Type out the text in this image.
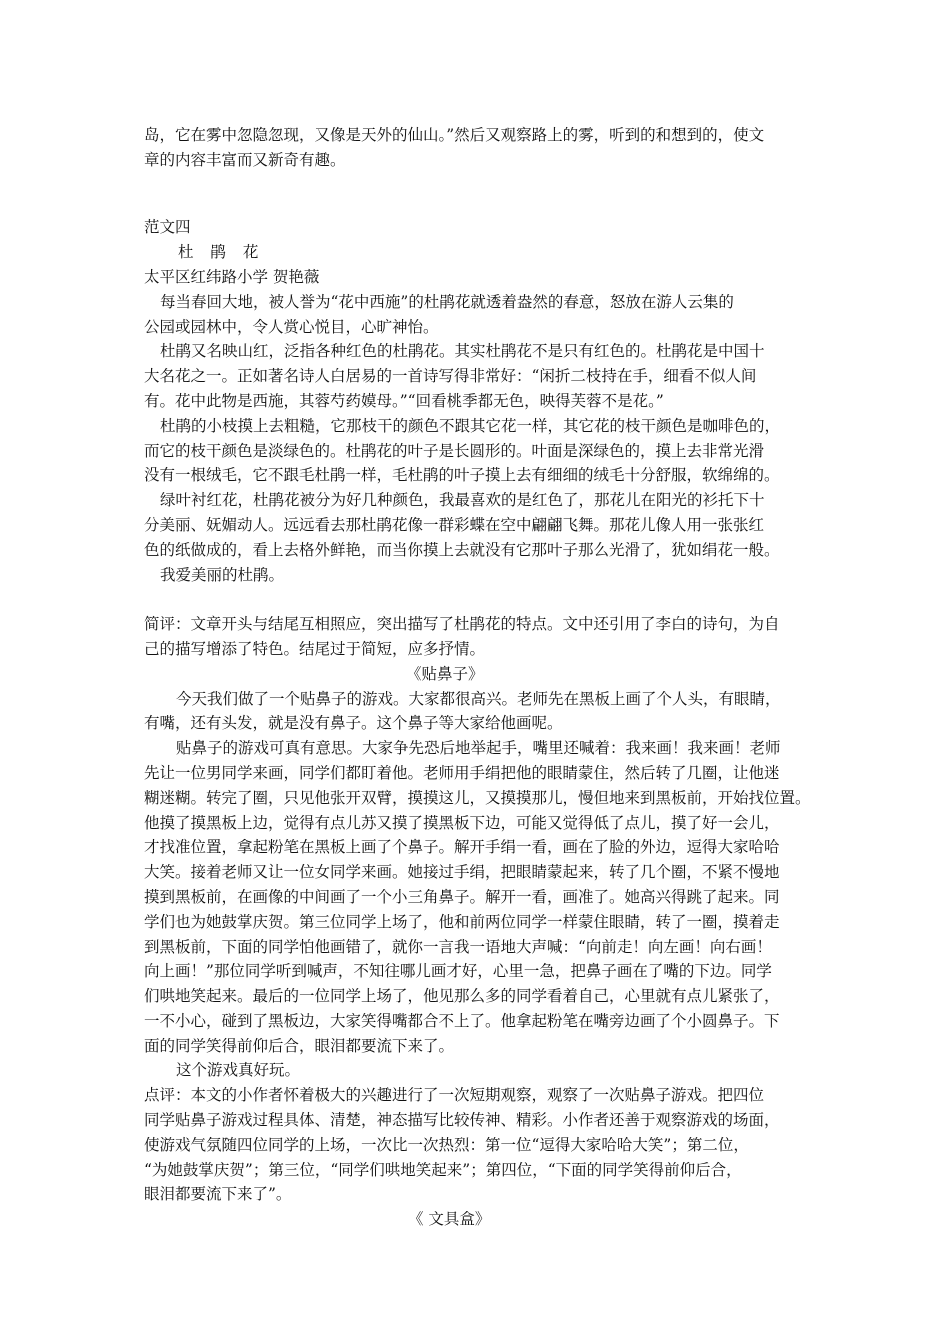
岛，它在雾中忽隐忽现，又像是天外的仙山。”然后又观察路上的雾，听到的和想到的，使文
章的内容丰富而又新奇有趣。
范文四
杜 鹃 花
太平区红纬路小学 贺艳薇
每当春回大地，被人誉为“花中西施”的杜鹃花就透着盎然的春意，怒放在游人云集的
公园或园林中，令人赏心悦目，心旷神怡。
杜鹃又名映山红，泛指各种红色的杜鹃花。其实杜鹃花不是只有红色的。杜鹃花是中国十
大名花之一。正如著名诗人白居易的一首诗写得非常好：“闲折二枝持在手，细看不似人间
有。花中此物是西施，其蓉芍药嫫母。”“回看桃季都无色，映得芙蓉不是花。”
杜鹃的小枝摸上去粗糙，它那枝干的颜色不跟其它花一样，其它花的枝干颜色是咖啡色的，
而它的枝干颜色是淡绿色的。杜鹃花的叶子是长圆形的。叶面是深绿色的，摸上去非常光滑
没有一根绒毛，它不跟毛杜鹃一样，毛杜鹃的叶子摸上去有细细的绒毛十分舒服，软绵绵的。
绿叶衬红花，杜鹃花被分为好几种颜色，我最喜欢的是红色了，那花儿在阳光的衫托下十
分美丽、妩媚动人。远远看去那杜鹃花像一群彩蝶在空中翩翩飞舞。那花儿像人用一张张红
色的纸做成的，看上去格外鲜艳，而当你摸上去就没有它那叶子那么光滑了，犹如绢花一般。
我爱美丽的杜鹃。
简评：文章开头与结尾互相照应，突出描写了杜鹃花的特点。文中还引用了李白的诗句，为自
己的描写增添了特色。结尾过于简短，应多抒情。
《贴鼻子》
今天我们做了一个贴鼻子的游戏。大家都很高兴。老师先在黑板上画了个人头，有眼睛，
有嘴，还有头发，就是没有鼻子。这个鼻子等大家给他画呢。
贴鼻子的游戏可真有意思。大家争先恐后地举起手，嘴里还喊着：我来画！我来画！老师
先让一位男同学来画，同学们都盯着他。老师用手绢把他的眼睛蒙住，然后转了几圈，让他迷
糊迷糊。转完了圈，只见他张开双臂，摸摸这儿，又摸摸那儿，慢但地来到黑板前，开始找位置。
他摸了摸黑板上边，觉得有点儿苏又摸了摸黑板下边，可能又觉得低了点儿，摸了好一会儿，
才找准位置，拿起粉笔在黑板上画了个鼻子。解开手绢一看，画在了脸的外边，逗得大家哈哈
大笑。接着老师又让一位女同学来画。她接过手绢，把眼睛蒙起来，转了几个圈，不紧不慢地
摸到黑板前，在画像的中间画了一个小三角鼻子。解开一看，画准了。她高兴得跳了起来。同
学们也为她鼓掌庆贺。第三位同学上场了，他和前两位同学一样蒙住眼睛，转了一圈，摸着走
到黑板前，下面的同学怕他画错了，就你一言我一语地大声喊：“向前走！向左画！向右画！
向上画！”那位同学听到喊声，不知往哪儿画才好，心里一急，把鼻子画在了嘴的下边。同学
们哄地笑起来。最后的一位同学上场了，他见那么多的同学看着自己，心里就有点儿紧张了，
一不小心，碰到了黑板边，大家笑得嘴都合不上了。他拿起粉笔在嘴旁边画了个小圆鼻子。下
面的同学笑得前仰后合，眼泪都要流下来了。
这个游戏真好玩。
点评：本文的小作者怀着极大的兴趣进行了一次短期观察，观察了一次贴鼻子游戏。把四位
同学贴鼻子游戏过程具体、清楚，神态描写比较传神、精彩。小作者还善于观察游戏的场面，
使游戏气氛随四位同学的上场，一次比一次热烈：第一位“逗得大家哈哈大笑”；第二位，
“为她鼓掌庆贺”；第三位，“同学们哄地笑起来”；第四位，“下面的同学笑得前仰后合，
眼泪都要流下来了”。
《 文具盒》
